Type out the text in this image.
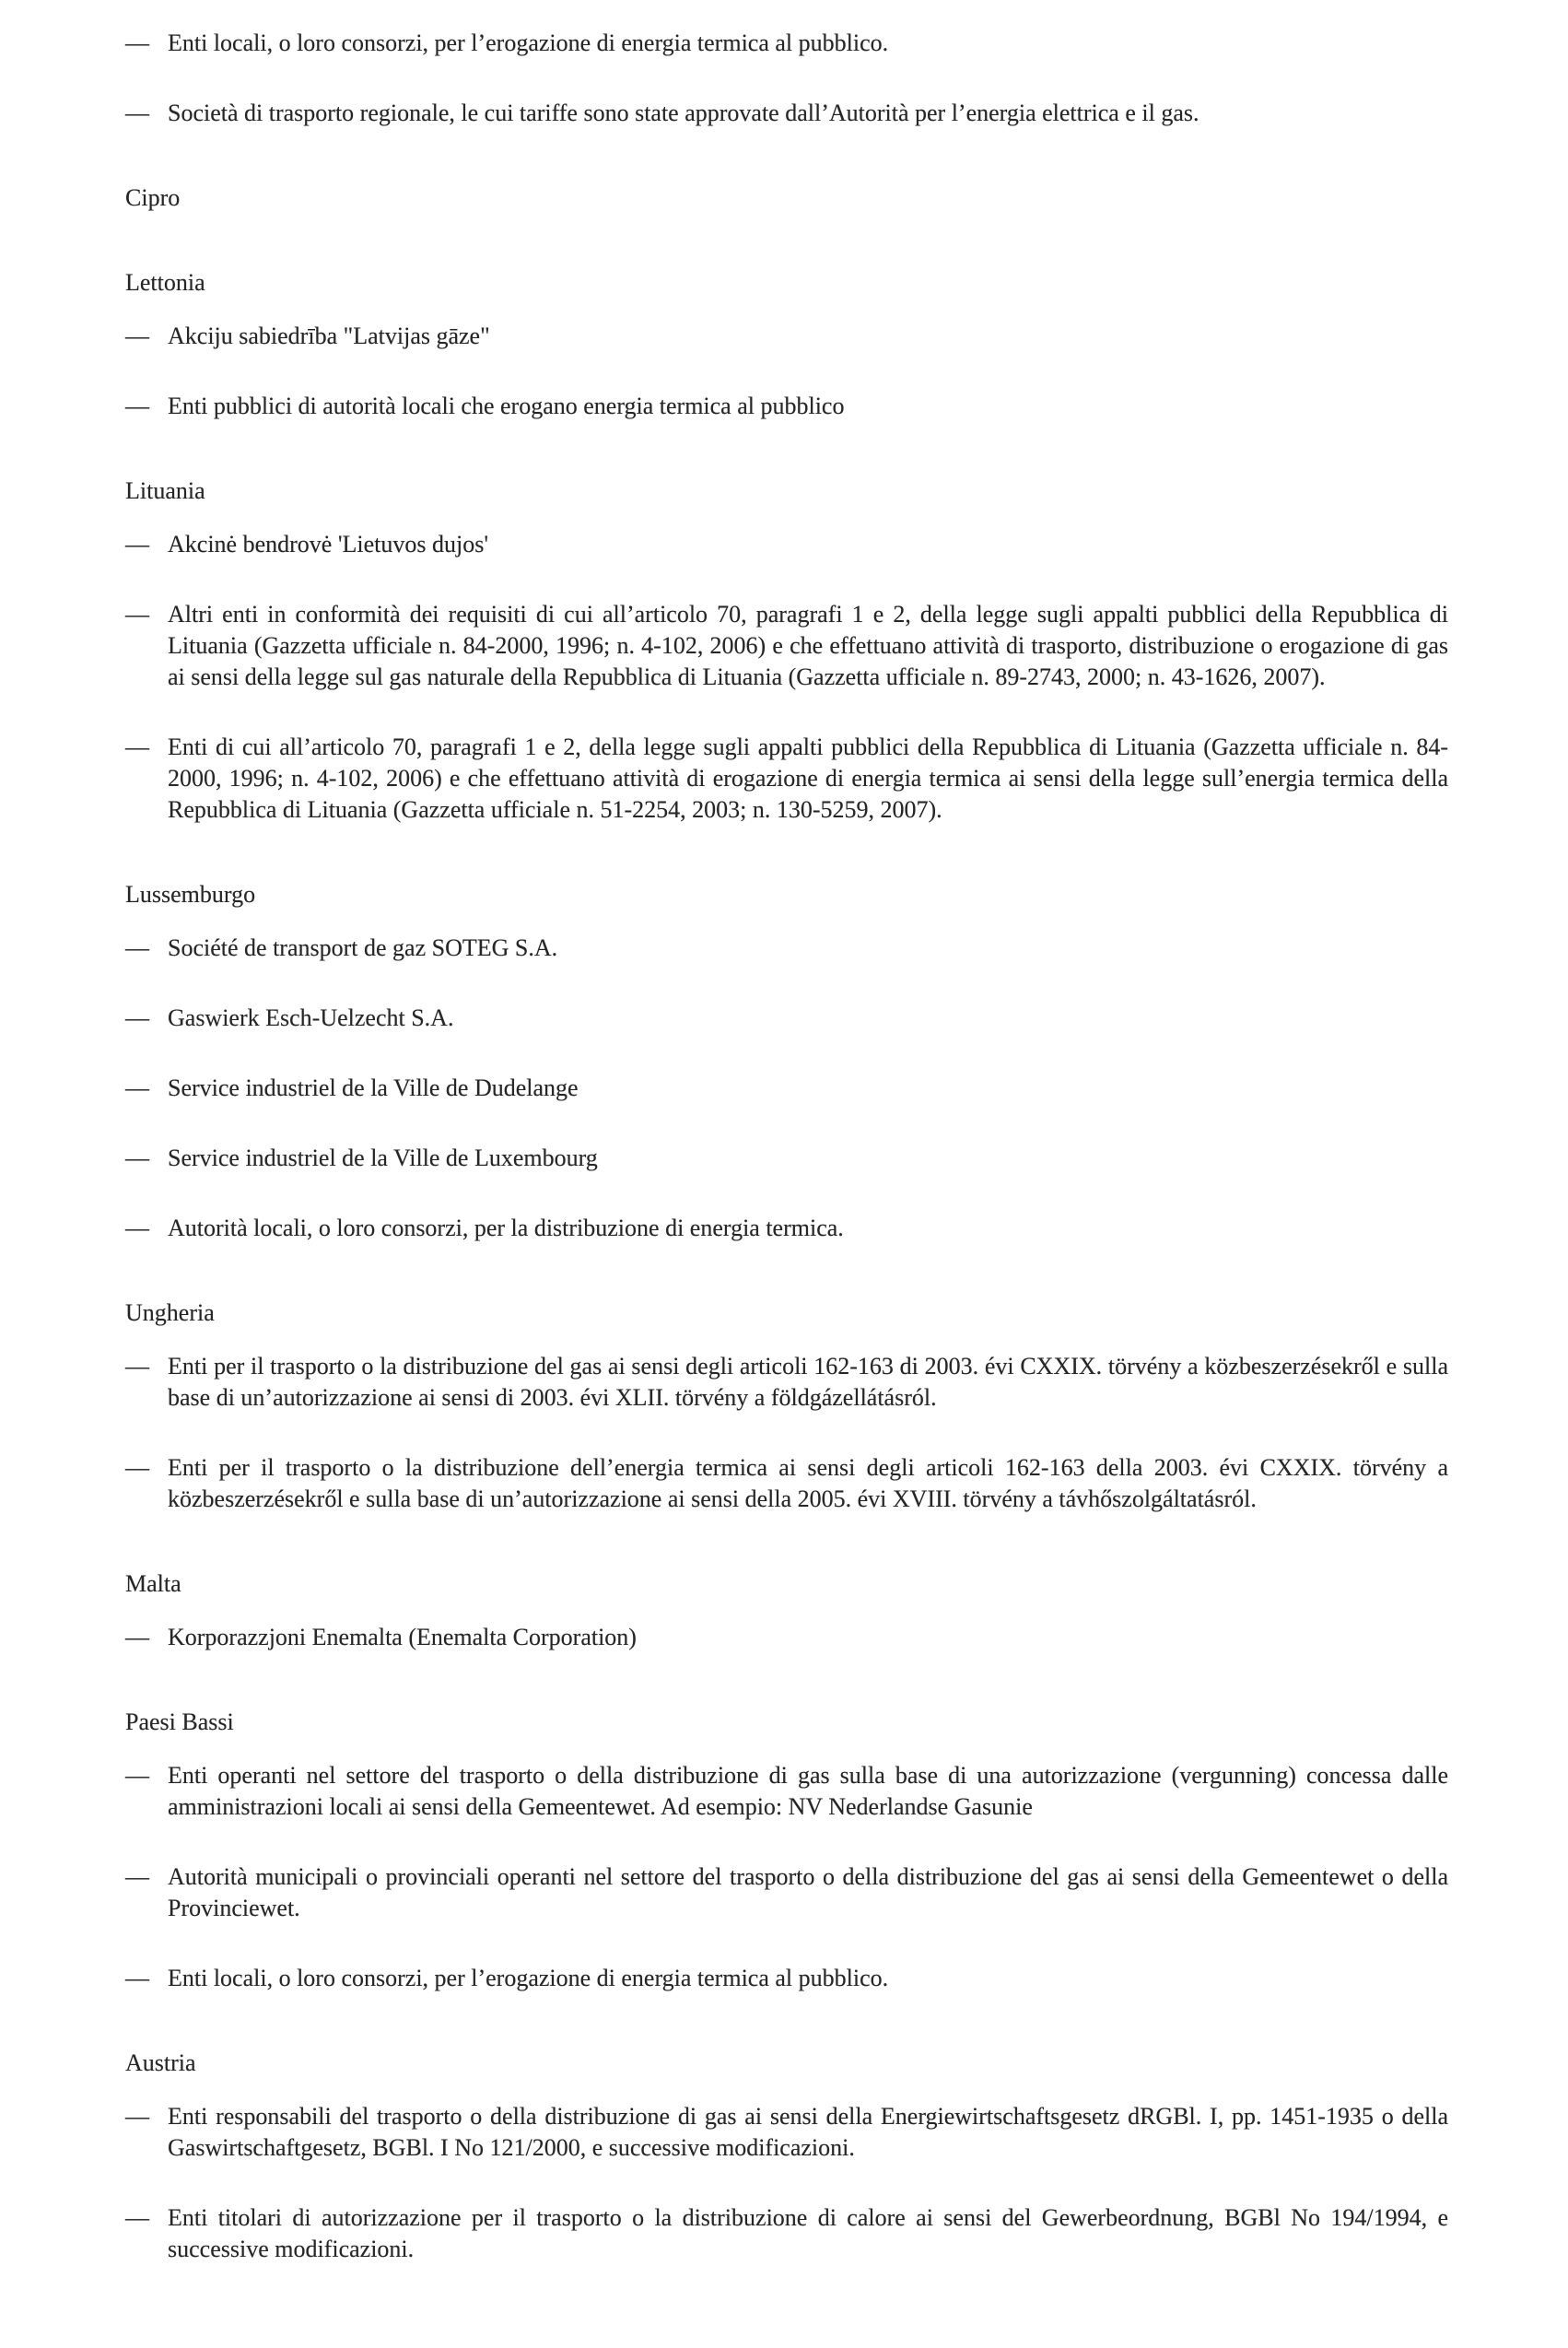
— Enti locali, o loro consorzi, per l’erogazione di energia termica al pubblico.
— Società di trasporto regionale, le cui tariffe sono state approvate dall’Autorità per l’energia elettrica e il gas.
Cipro
Lettonia
— Akciju sabiedrība "Latvijas gāze"
— Enti pubblici di autorità locali che erogano energia termica al pubblico
Lituania
— Akcinė bendrovė 'Lietuvos dujos'
— Altri enti in conformità dei requisiti di cui all’articolo 70, paragrafi 1 e 2, della legge sugli appalti pubblici della Repubblica di Lituania (Gazzetta ufficiale n. 84-2000, 1996; n. 4-102, 2006) e che effettuano attività di trasporto, distribuzione o erogazione di gas ai sensi della legge sul gas naturale della Repubblica di Lituania (Gazzetta ufficiale n. 89-2743, 2000; n. 43-1626, 2007).
— Enti di cui all’articolo 70, paragrafi 1 e 2, della legge sugli appalti pubblici della Repubblica di Lituania (Gazzetta ufficiale n. 84-2000, 1996; n. 4-102, 2006) e che effettuano attività di erogazione di energia termica ai sensi della legge sull’energia termica della Repubblica di Lituania (Gazzetta ufficiale n. 51-2254, 2003; n. 130-5259, 2007).
Lussemburgo
— Société de transport de gaz SOTEG S.A.
— Gaswierk Esch-Uelzecht S.A.
— Service industriel de la Ville de Dudelange
— Service industriel de la Ville de Luxembourg
— Autorità locali, o loro consorzi, per la distribuzione di energia termica.
Ungheria
— Enti per il trasporto o la distribuzione del gas ai sensi degli articoli 162-163 di 2003. évi CXXIX. törvény a közbeszerzésekről e sulla base di un’autorizzazione ai sensi di 2003. évi XLII. törvény a földgázellátásról.
— Enti per il trasporto o la distribuzione dell’energia termica ai sensi degli articoli 162-163 della 2003. évi CXXIX. törvény a közbeszerzésekről e sulla base di un’autorizzazione ai sensi della 2005. évi XVIII. törvény a távhőszolgáltatásról.
Malta
— Korporazzjoni Enemalta (Enemalta Corporation)
Paesi Bassi
— Enti operanti nel settore del trasporto o della distribuzione di gas sulla base di una autorizzazione (vergunning) concessa dalle amministrazioni locali ai sensi della Gemeentewet. Ad esempio: NV Nederlandse Gasunie
— Autorità municipali o provinciali operanti nel settore del trasporto o della distribuzione del gas ai sensi della Gemeentewet o della Provinciewet.
— Enti locali, o loro consorzi, per l’erogazione di energia termica al pubblico.
Austria
— Enti responsabili del trasporto o della distribuzione di gas ai sensi della Energiewirtschaftsgesetz dRGBl. I, pp. 1451-1935 o della Gaswirtschaftgesetz, BGBl. I No 121/2000, e successive modificazioni.
— Enti titolari di autorizzazione per il trasporto o la distribuzione di calore ai sensi del Gewerbeordnung, BGBl No 194/1994, e successive modificazioni.
